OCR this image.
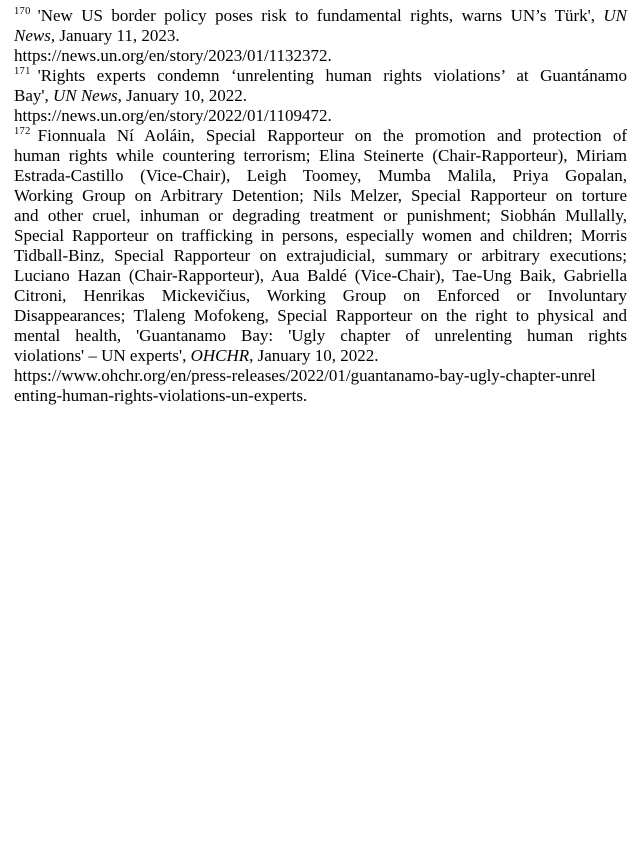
$^{170}$ 'New US border policy poses risk to fundamental rights, warns UN’s Türk', UN
News, January 11, 2023.
https://news.un.org/en/story/2023/01/1132372.
$^{171}$ 'Rights experts condemn ‘unrelenting human rights violations’ at Guantánamo
Bay', UN News, January 10, 2022.
https://news.un.org/en/story/2022/01/1109472.
$^{172}$ Fionnuala Ní Aoláin, Special Rapporteur on the promotion and protection of
human rights while countering terrorism; Elina Steinerte (Chair-Rapporteur), Miriam
Estrada-Castillo (Vice-Chair), Leigh Toomey, Mumba Malila, Priya Gopalan,
Working Group on Arbitrary Detention; Nils Melzer, Special Rapporteur on torture
and other cruel, inhuman or degrading treatment or punishment; Siobhán Mullally,
Special Rapporteur on trafficking in persons, especially women and children; Morris
Tidball-Binz, Special Rapporteur on extrajudicial, summary or arbitrary executions;
Luciano Hazan (Chair-Rapporteur), Aua Baldé (Vice-Chair), Tae-Ung Baik, Gabriella
Citroni, Henrikas Mickevičius, Working Group on Enforced or Involuntary
Disappearances; Tlaleng Mofokeng, Special Rapporteur on the right to physical and
mental health, 'Guantanamo Bay: 'Ugly chapter of unrelenting human rights
violations' – UN experts', OHCHR, January 10, 2022.
https://www.ohchr.org/en/press-releases/2022/01/guantanamo-bay-ugly-chapter-unrel
enting-human-rights-violations-un-experts.
